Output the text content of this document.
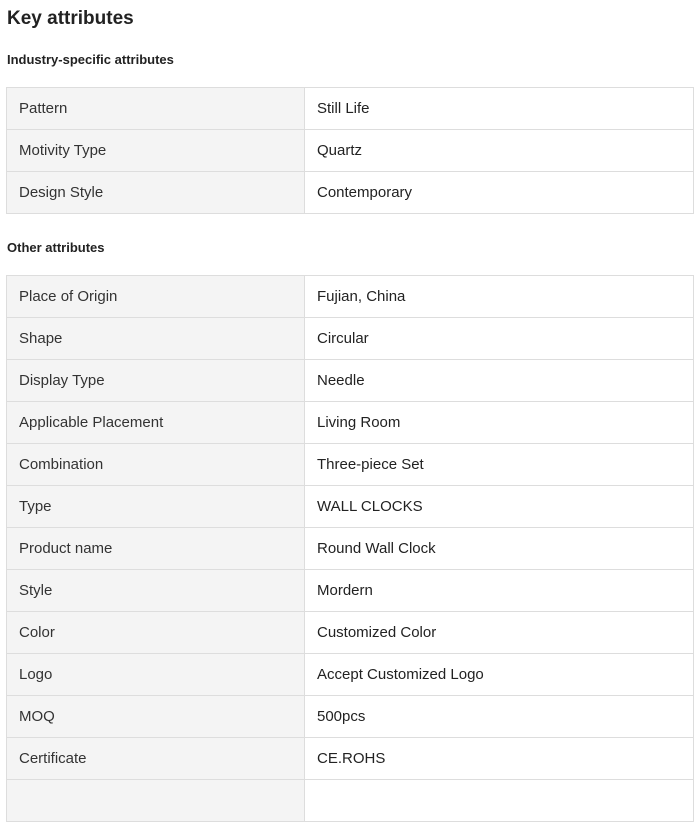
Key attributes
Industry-specific attributes
Pattern	Still Life
Motivity Type	Quartz
Design Style	Contemporary
Other attributes
Place of Origin	Fujian, China
Shape	Circular
Display Type	Needle
Applicable Placement	Living Room
Combination	Three-piece Set
Type	WALL CLOCKS
Product name	Round Wall Clock
Style	Mordern
Color	Customized Color
Logo	Accept Customized Logo
MOQ	500pcs
Certificate	CE.ROHS
